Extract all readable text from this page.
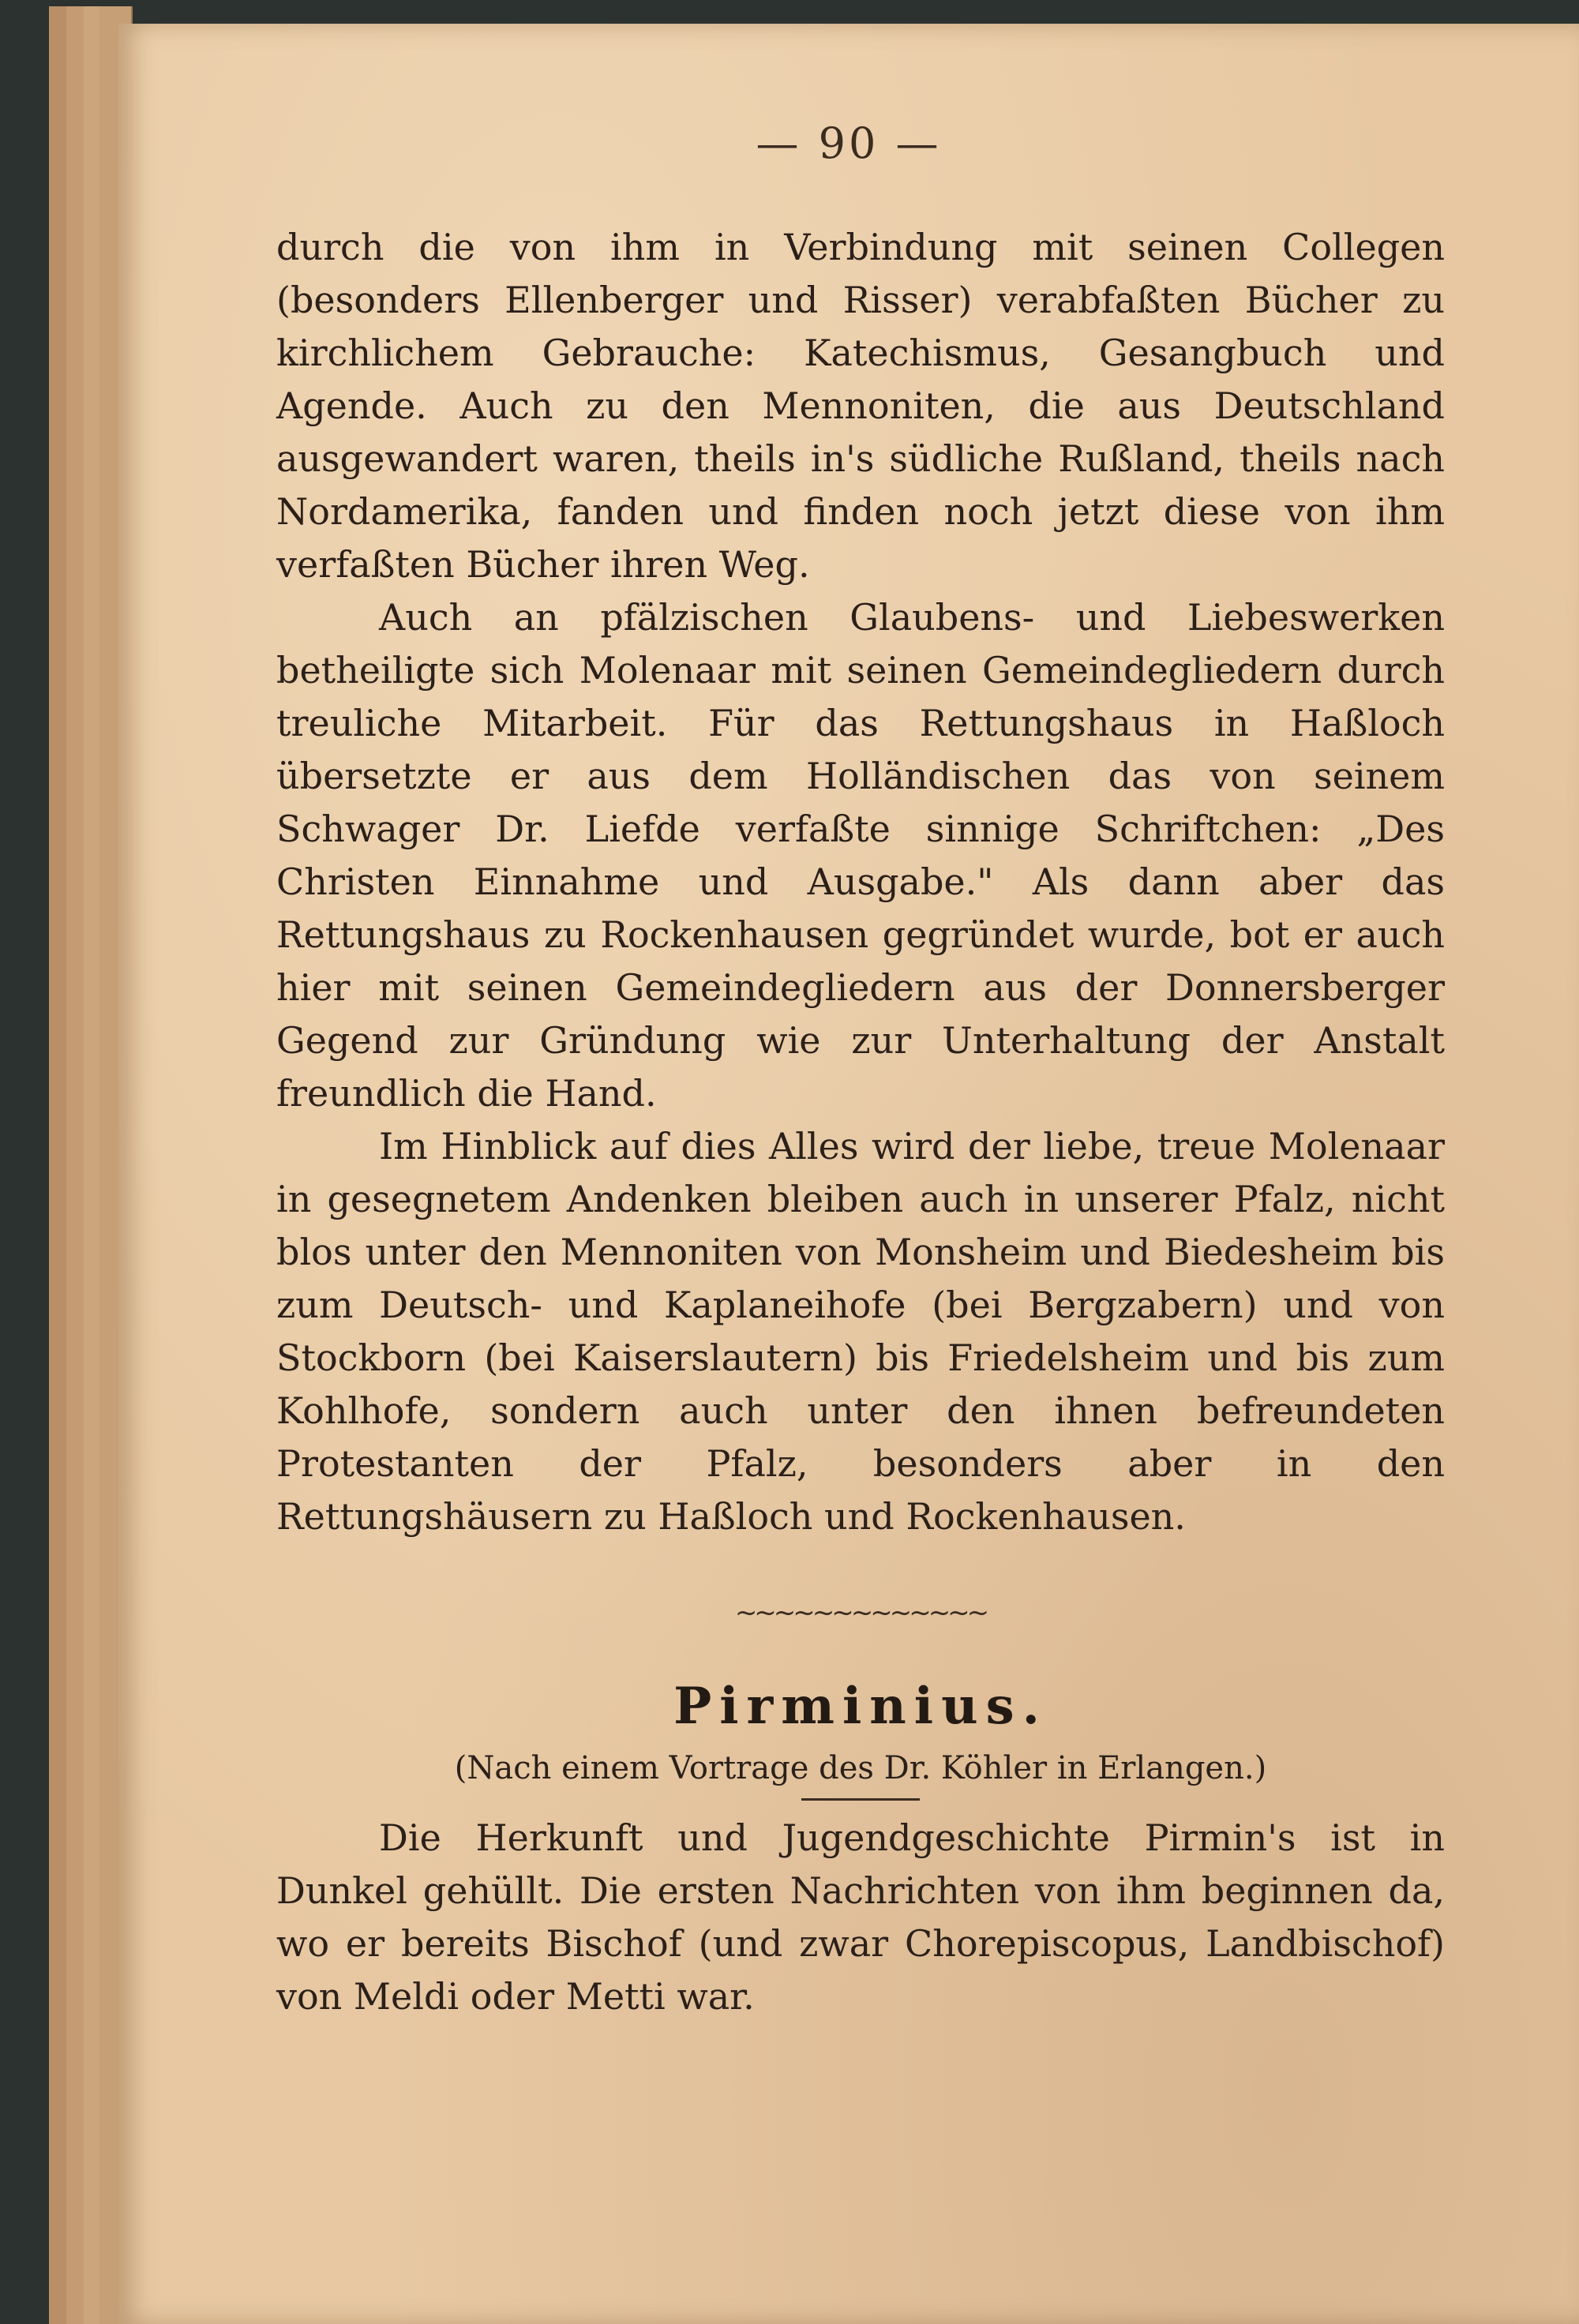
— 90 —

durch die von ihm in Verbindung mit seinen Collegen (besonders Ellenberger und Risser) verabfaßten Bücher zu kirchlichem Gebrauche: Katechismus, Gesangbuch und Agende. Auch zu den Mennoniten, die aus Deutschland ausgewandert waren, theils in's südliche Rußland, theils nach Nordamerika, fanden und finden noch jetzt diese von ihm verfaßten Bücher ihren Weg.

Auch an pfälzischen Glaubens- und Liebeswerken betheiligte sich Molenaar mit seinen Gemeindegliedern durch treuliche Mitarbeit. Für das Rettungshaus in Haßloch übersetzte er aus dem Holländischen das von seinem Schwager Dr. Liefde verfaßte sinnige Schriftchen: „Des Christen Einnahme und Ausgabe." Als dann aber das Rettungshaus zu Rockenhausen gegründet wurde, bot er auch hier mit seinen Gemeindegliedern aus der Donnersberger Gegend zur Gründung wie zur Unterhaltung der Anstalt freundlich die Hand.

Im Hinblick auf dies Alles wird der liebe, treue Molenaar in gesegnetem Andenken bleiben auch in unserer Pfalz, nicht blos unter den Mennoniten von Monsheim und Biedesheim bis zum Deutsch- und Kaplaneihofe (bei Bergzabern) und von Stockborn (bei Kaiserslautern) bis Friedelsheim und bis zum Kohlhofe, sondern auch unter den ihnen befreundeten Protestanten der Pfalz, besonders aber in den Rettungshäusern zu Haßloch und Rockenhausen.

~~~~~~~~~~~~~
Pirminius.
(Nach einem Vortrage des Dr. Köhler in Erlangen.)

Die Herkunft und Jugendgeschichte Pirmin's ist in Dunkel gehüllt. Die ersten Nachrichten von ihm beginnen da, wo er bereits Bischof (und zwar Chorepiscopus, Landbischof) von Meldi oder Metti war.
